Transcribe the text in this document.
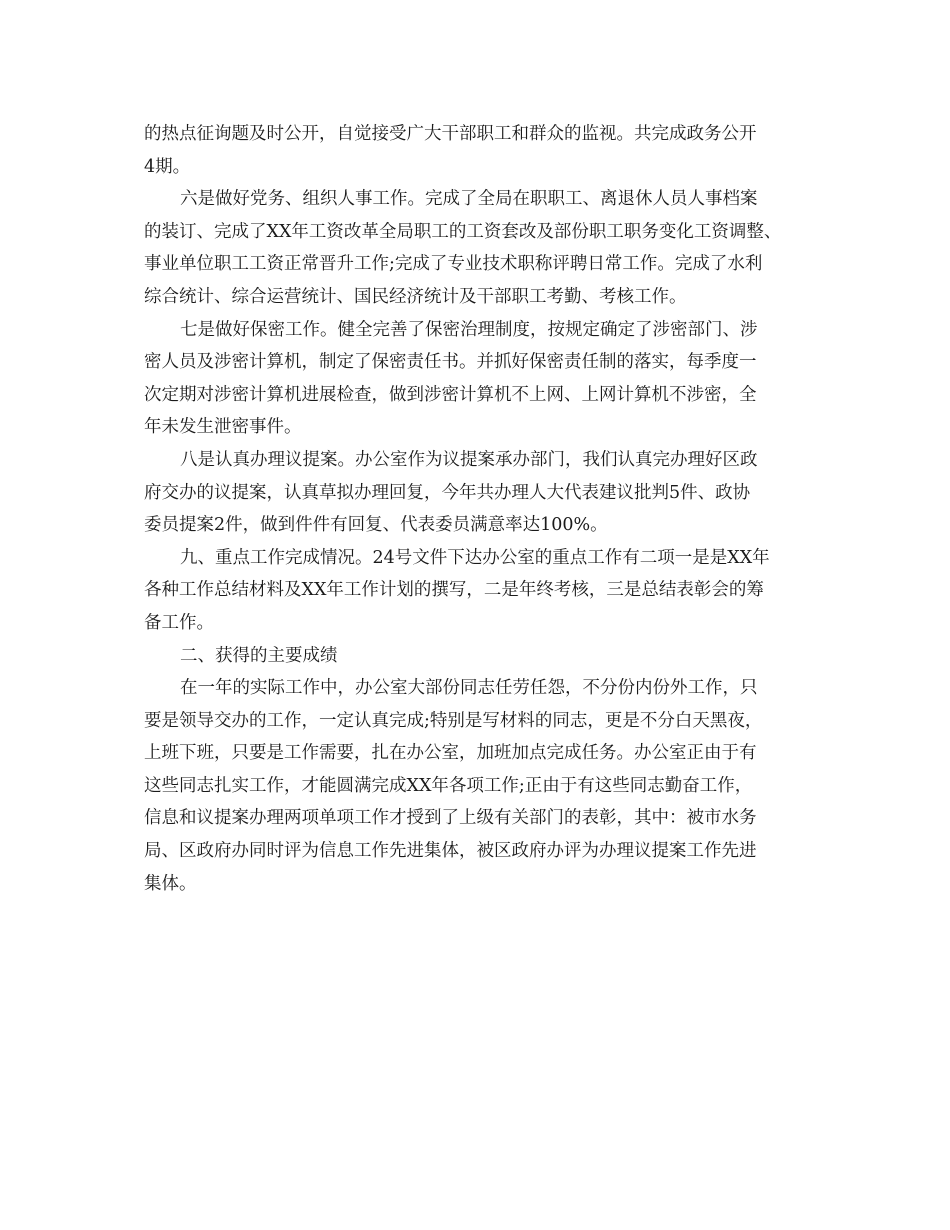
的热点征询题及时公开，自觉接受广大干部职工和群众的监视。共完成政务公开
4期。
六是做好党务、组织人事工作。完成了全局在职职工、离退休人员人事档案
的装订、完成了XX年工资改革全局职工的工资套改及部份职工职务变化工资调整、
事业单位职工工资正常晋升工作;完成了专业技术职称评聘日常工作。完成了水利
综合统计、综合运营统计、国民经济统计及干部职工考勤、考核工作。
七是做好保密工作。健全完善了保密治理制度，按规定确定了涉密部门、涉
密人员及涉密计算机，制定了保密责任书。并抓好保密责任制的落实，每季度一
次定期对涉密计算机进展检查，做到涉密计算机不上网、上网计算机不涉密，全
年未发生泄密事件。
八是认真办理议提案。办公室作为议提案承办部门，我们认真完办理好区政
府交办的议提案，认真草拟办理回复，今年共办理人大代表建议批判5件、政协
委员提案2件，做到件件有回复、代表委员满意率达100%。
九、重点工作完成情况。24号文件下达办公室的重点工作有二项一是是XX年
各种工作总结材料及XX年工作计划的撰写，二是年终考核，三是总结表彰会的筹
备工作。
二、获得的主要成绩
在一年的实际工作中，办公室大部份同志任劳任怨，不分份内份外工作，只
要是领导交办的工作，一定认真完成;特别是写材料的同志，更是不分白天黑夜，
上班下班，只要是工作需要，扎在办公室，加班加点完成任务。办公室正由于有
这些同志扎实工作，才能圆满完成XX年各项工作;正由于有这些同志勤奋工作，
信息和议提案办理两项单项工作才授到了上级有关部门的表彰，其中：被市水务
局、区政府办同时评为信息工作先进集体，被区政府办评为办理议提案工作先进
集体。
